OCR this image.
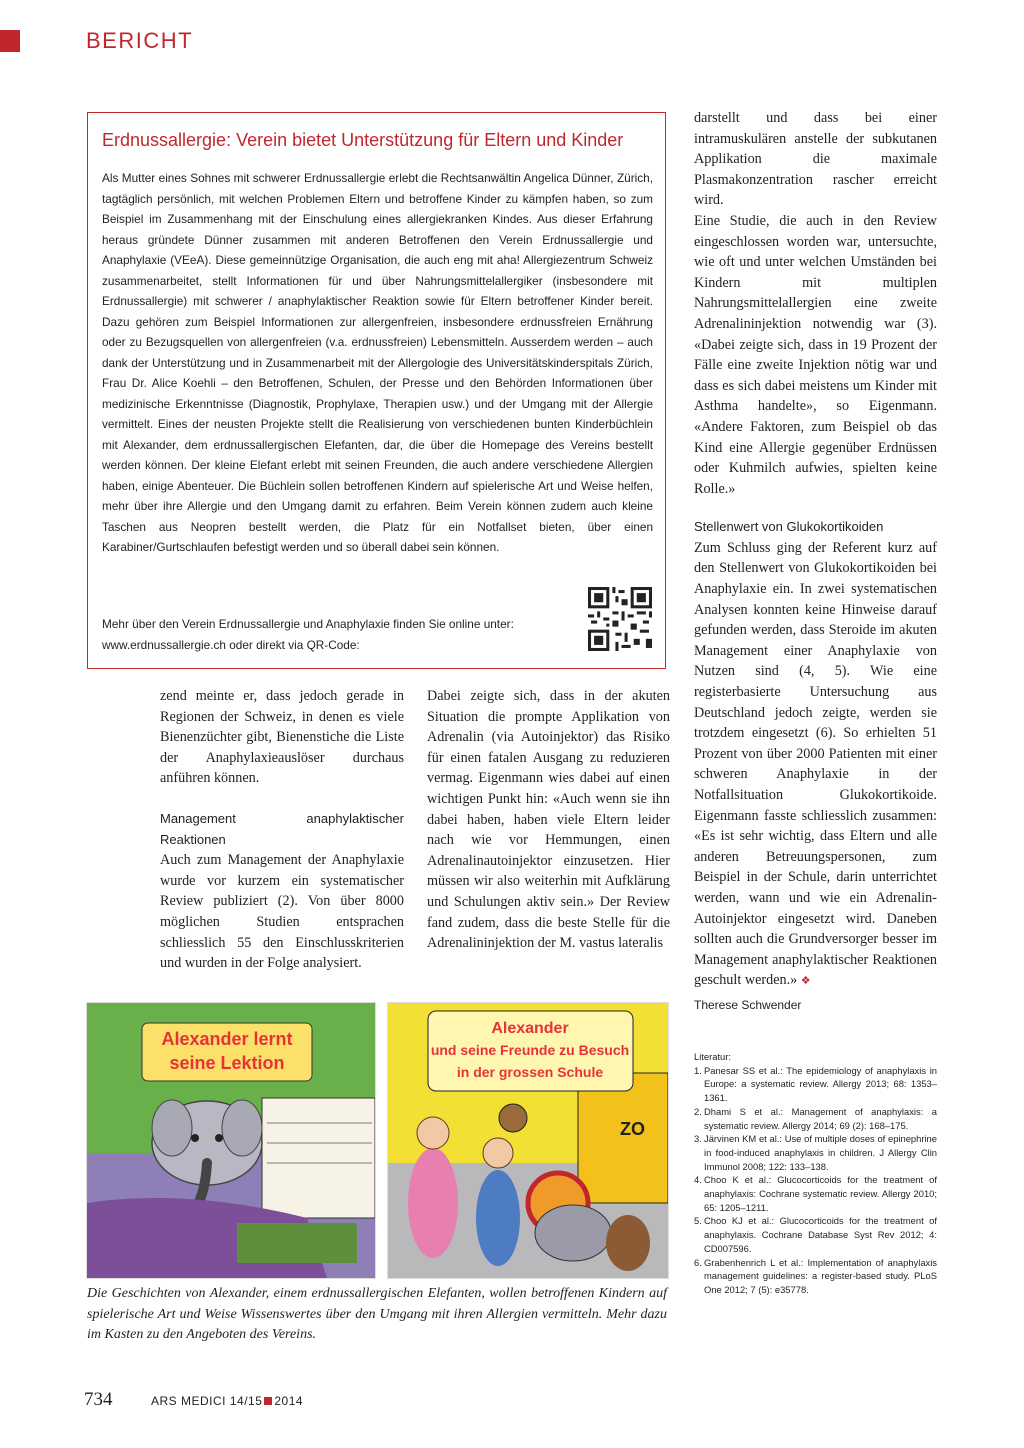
BERICHT
Erdnussallergie: Verein bietet Unterstützung für Eltern und Kinder

Als Mutter eines Sohnes mit schwerer Erdnussallergie erlebt die Rechtsanwältin Angelica Dünner, Zürich, tagtäglich persönlich, mit welchen Problemen Eltern und betroffene Kinder zu kämpfen haben, so zum Beispiel im Zusammenhang mit der Einschulung eines allergiekranken Kindes. Aus dieser Erfahrung heraus gründete Dünner zusammen mit anderen Betroffenen den Verein Erdnussallergie und Anaphylaxie (VEeA). Diese gemeinnützige Organisation, die auch eng mit aha! Allergiezentrum Schweiz zusammenarbeitet, stellt Informationen für und über Nahrungsmittelallergiker (insbesondere mit Erdnussallergie) mit schwerer / anaphylaktischer Reaktion sowie für Eltern betroffener Kinder bereit. Dazu gehören zum Beispiel Informationen zur allergenfreien, insbesondere erdnussfreien Ernährung oder zu Bezugsquellen von allergenfreien (v.a. erdnussfreien) Lebensmitteln. Ausserdem werden – auch dank der Unterstützung und in Zusammenarbeit mit der Allergologie des Universitätskinderspitals Zürich, Frau Dr. Alice Koehli – den Betroffenen, Schulen, der Presse und den Behörden Informationen über medizinische Erkenntnisse (Diagnostik, Prophylaxe, Therapien usw.) und der Umgang mit der Allergie vermittelt. Eines der neusten Projekte stellt die Realisierung von verschiedenen bunten Kinderbüchlein mit Alexander, dem erdnussallergischen Elefanten, dar, die über die Homepage des Vereins bestellt werden können. Der kleine Elefant erlebt mit seinen Freunden, die auch andere verschiedene Allergien haben, einige Abenteuer. Die Büchlein sollen betroffenen Kindern auf spielerische Art und Weise helfen, mehr über ihre Allergie und den Umgang damit zu erfahren. Beim Verein können zudem auch kleine Taschen aus Neopren bestellt werden, die Platz für ein Notfallset bieten, über einen Karabiner/Gurtschlaufen befestigt werden und so überall dabei sein können.

Mehr über den Verein Erdnussallergie und Anaphylaxie finden Sie online unter:
www.erdnussallergie.ch oder direkt via QR-Code:

zend meinte er, dass jedoch gerade in Regionen der Schweiz, in denen es viele Bienenzüchter gibt, Bienenstiche die Liste der Anaphylaxieauslöser durchaus anführen können.

Management anaphylaktischer Reaktionen

Auch zum Management der Anaphylaxie wurde vor kurzem ein systematischer Review publiziert (2). Von über 8000 möglichen Studien entsprachen schliesslich 55 den Einschlusskriterien und wurden in der Folge analysiert.

Dabei zeigte sich, dass in der akuten Situation die prompte Applikation von Adrenalin (via Autoinjektor) das Risiko für einen fatalen Ausgang zu reduzieren vermag. Eigenmann wies dabei auf einen wichtigen Punkt hin: «Auch wenn sie ihn dabei haben, haben viele Eltern leider nach wie vor Hemmungen, einen Adrenalinautoinjektor einzusetzen. Hier müssen wir also weiterhin mit Aufklärung und Schulungen aktiv sein.» Der Review fand zudem, dass die beste Stelle für die Adrenalininjektion der M. vastus lateralis

darstellt und dass bei einer intramuskulären anstelle der subkutanen Applikation die maximale Plasmakonzentration rascher erreicht wird.

Eine Studie, die auch in den Review eingeschlossen worden war, untersuchte, wie oft und unter welchen Umständen bei Kindern mit multiplen Nahrungsmittelallergien eine zweite Adrenalininjektion notwendig war (3). «Dabei zeigte sich, dass in 19 Prozent der Fälle eine zweite Injektion nötig war und dass es sich dabei meistens um Kinder mit Asthma handelte», so Eigenmann. «Andere Faktoren, zum Beispiel ob das Kind eine Allergie gegenüber Erdnüssen oder Kuhmilch aufwies, spielten keine Rolle.»

Stellenwert von Glukokortikoiden

Zum Schluss ging der Referent kurz auf den Stellenwert von Glukokortikoiden bei Anaphylaxie ein. In zwei systematischen Analysen konnten keine Hinweise darauf gefunden werden, dass Steroide im akuten Management einer Anaphylaxie von Nutzen sind (4, 5). Wie eine registerbasierte Untersuchung aus Deutschland jedoch zeigte, werden sie trotzdem eingesetzt (6). So erhielten 51 Prozent von über 2000 Patienten mit einer schweren Anaphylaxie in der Notfallsituation Glukokortikoide. Eigenmann fasste schliesslich zusammen: «Es ist sehr wichtig, dass Eltern und alle anderen Betreuungspersonen, zum Beispiel in der Schule, darin unterrichtet werden, wann und wie ein Adrenalin-Autoinjektor eingesetzt wird. Daneben sollten auch die Grundversorger besser im Management anaphylaktischer Reaktionen geschult werden.» ❖

Alexander lernt
seine Lektion
ZO
Alexander
und seine Freunde zu Besuch
in der grossen Schule
Die Geschichten von Alexander, einem erdnussallergischen Elefanten, wollen betroffenen Kindern auf spielerische Art und Weise Wissenswertes über den Umgang mit ihren Allergien vermitteln. Mehr dazu im Kasten zu den Angeboten des Vereins.
Therese Schwender

Literatur:

1. Panesar SS et al.: The epidemiology of anaphylaxis in Europe: a systematic review. Allergy 2013; 68: 1353–1361.
2. Dhami S et al.: Management of anaphylaxis: a systematic review. Allergy 2014; 69 (2): 168–175.
3. Järvinen KM et al.: Use of multiple doses of epinephrine in food-induced anaphylaxis in children. J Allergy Clin Immunol 2008; 122: 133–138.
4. Choo K et al.: Glucocorticoids for the treatment of anaphylaxis: Cochrane systematic review. Allergy 2010; 65: 1205–1211.
5. Choo KJ et al.: Glucocorticoids for the treatment of anaphylaxis. Cochrane Database Syst Rev 2012; 4: CD007596.
6. Grabenhenrich L et al.: Implementation of anaphylaxis management guidelines: a register-based study. PLoS One 2012; 7 (5): e35778.
734	ARS MEDICI 14/15 2014
